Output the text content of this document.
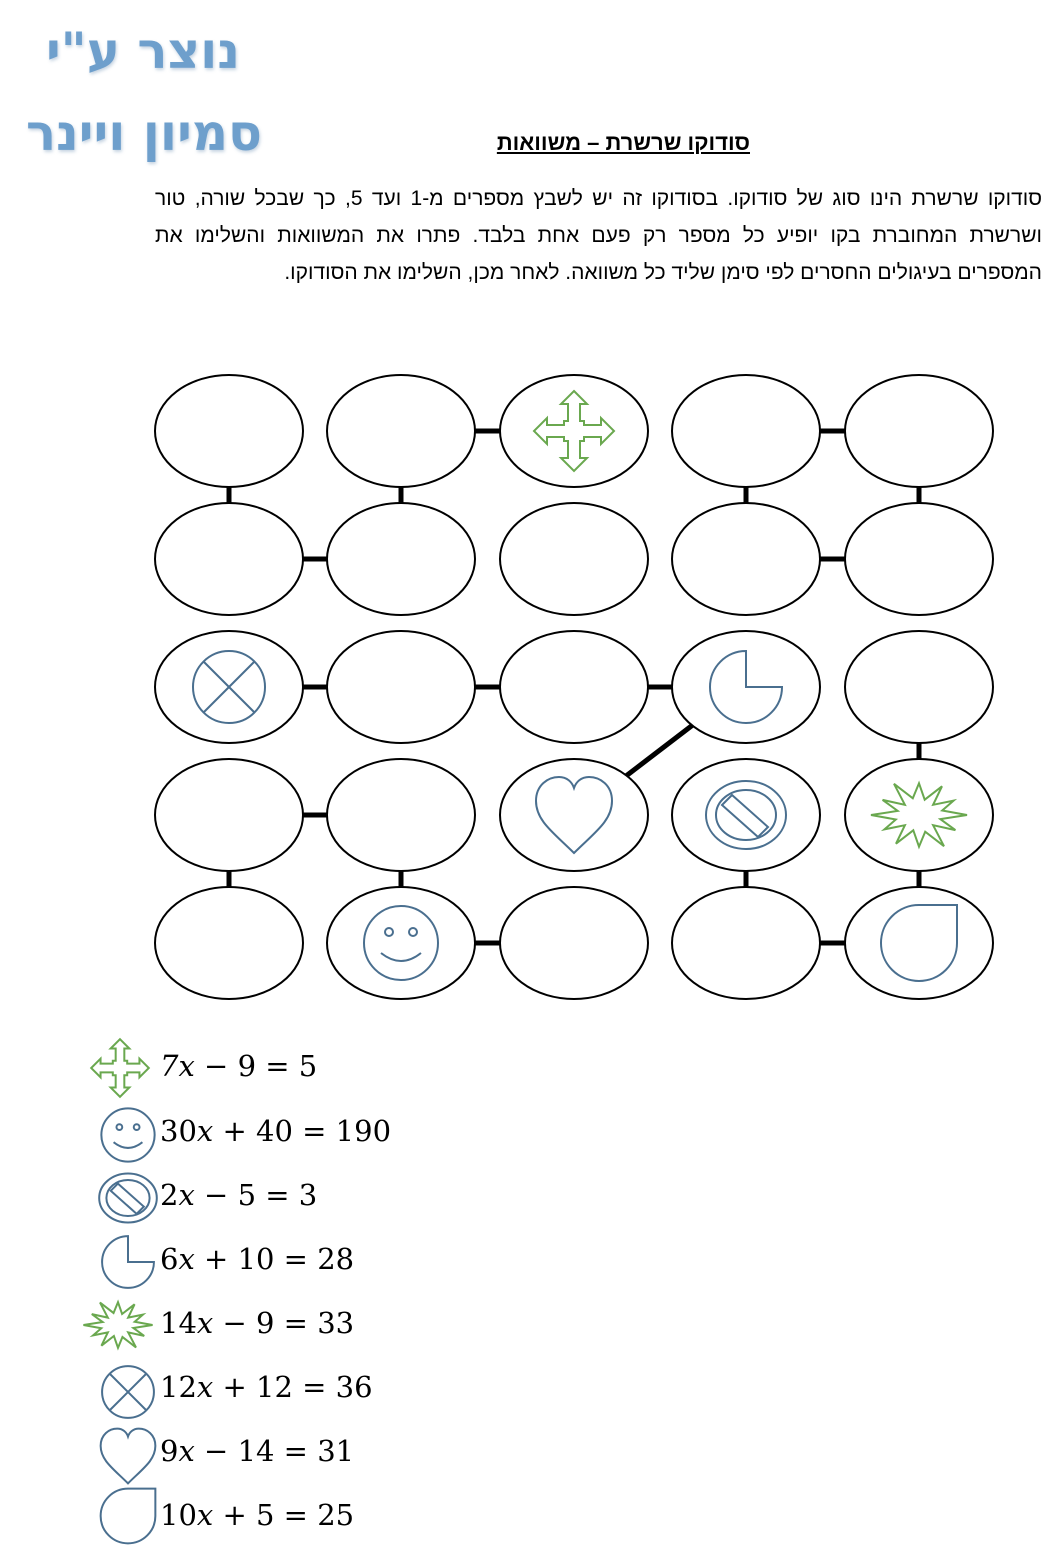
נוצר ע"י
סמיון ויינר	סודוקו שרשרת – משוואות
סודוקו שרשרת הינו סוג של סודוקו. בסודוקו זה יש לשבץ מספרים מ-1 ועד 5, כך שבכל שורה, טור ושרשרת המחוברת בקו יופיע כל מספר רק פעם אחת בלבד. פתרו את המשוואות והשלימו את המספרים בעיגולים החסרים לפי סימן שליד כל משוואה. לאחר מכן, השלימו את הסודוקו.
7x − 9 = 5
30x + 40 = 190
2x − 5 = 3
6x + 10 = 28
14x − 9 = 33
12x + 12 = 36
9x − 14 = 31
10x + 5 = 25
